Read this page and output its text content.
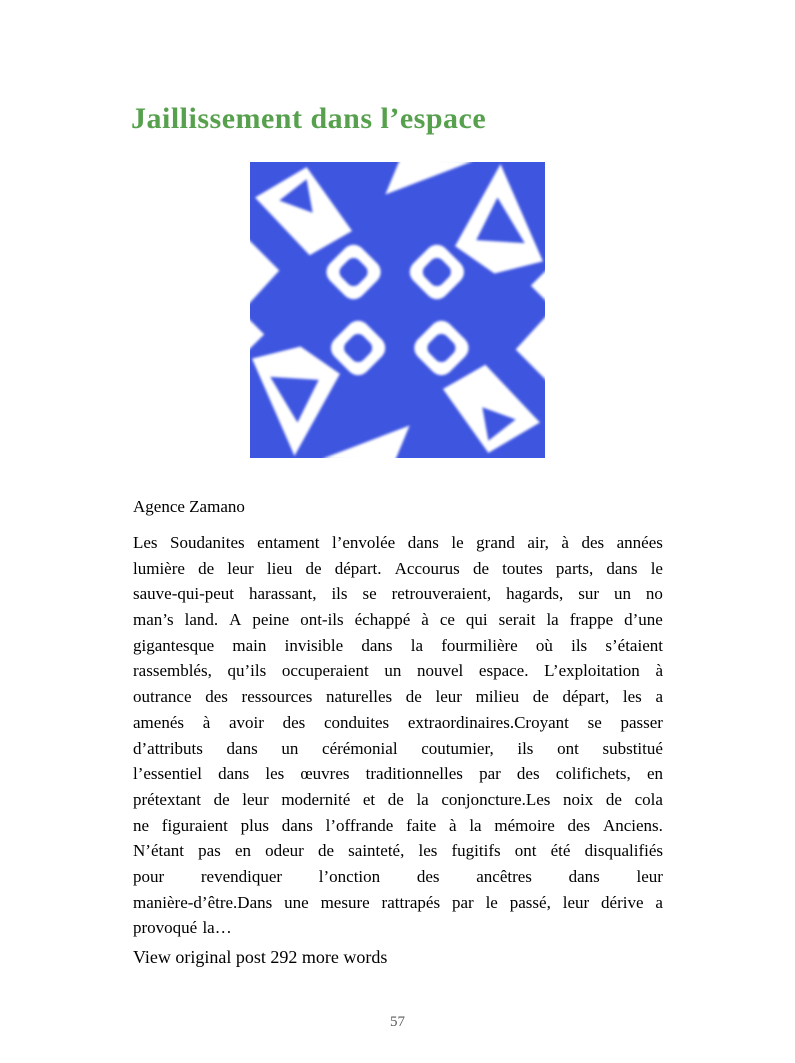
Jaillissement dans l’espace

Agence Zamano

Les Soudanites entament l’envolée dans le grand air, à des années
lumière de leur lieu de départ. Accourus de toutes parts, dans le
sauve-qui-peut harassant, ils se retrouveraient, hagards, sur un no
man’s land. A peine ont-ils échappé à ce qui serait la frappe d’une
gigantesque main invisible dans la fourmilière où ils s’étaient
rassemblés, qu’ils occuperaient un nouvel espace. L’exploitation à
outrance des ressources naturelles de leur milieu de départ, les a
amenés à avoir des conduites extraordinaires.Croyant se passer
d’attributs dans un cérémonial coutumier, ils ont substitué
l’essentiel dans les œuvres traditionnelles par des colifichets, en
prétextant de leur modernité et de la conjoncture.Les noix de cola
ne figuraient plus dans l’offrande faite à la mémoire des Anciens.
N’étant pas en odeur de sainteté, les fugitifs ont été disqualifiés
pour revendiquer l’onction des ancêtres dans leur
manière-d’être.Dans une mesure rattrapés par le passé, leur dérive a
provoqué la…
View original post 292 more words
57
